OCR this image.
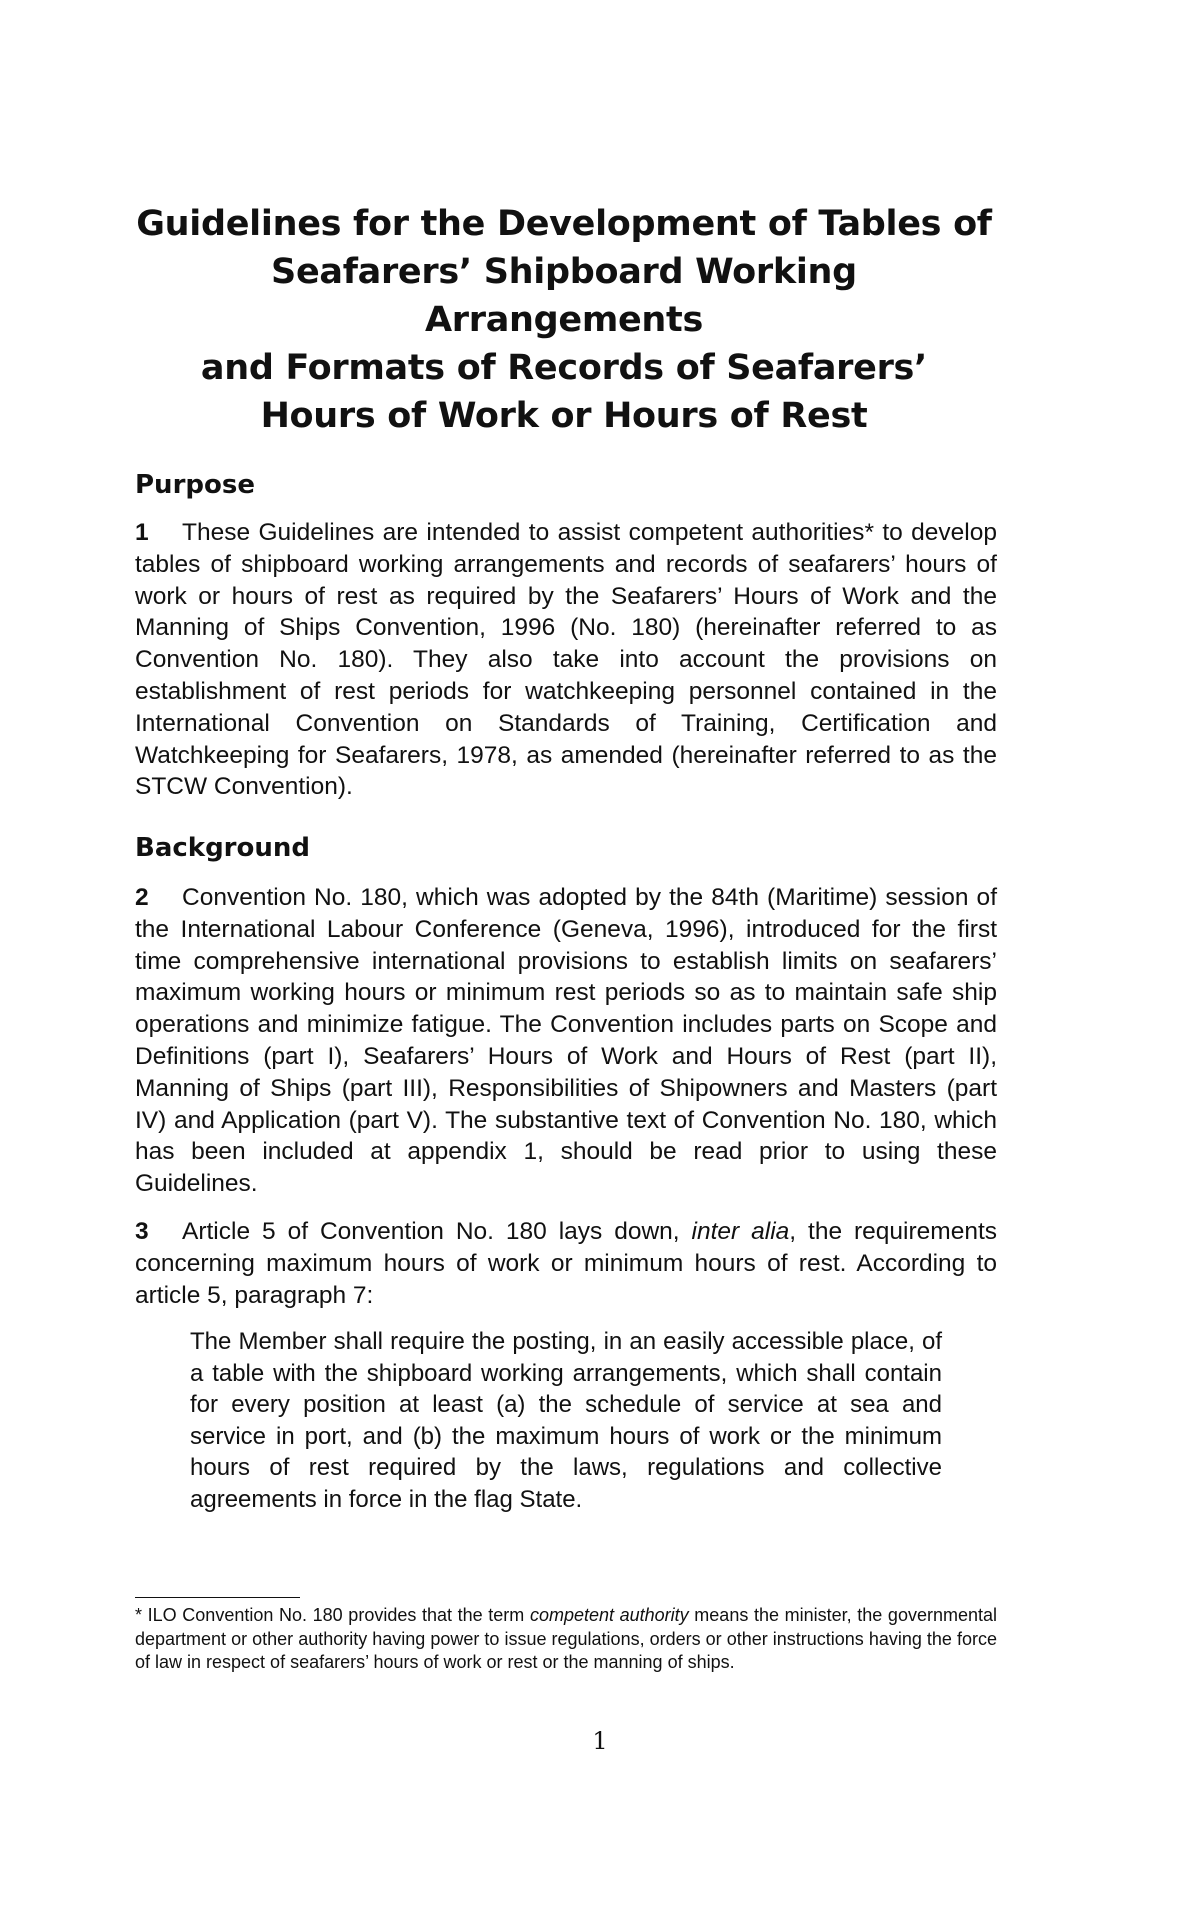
Guidelines for the Development of Tables of
Seafarers’ Shipboard Working Arrangements
and Formats of Records of Seafarers’
Hours of Work or Hours of Rest
Purpose

1 These Guidelines are intended to assist competent authorities* to develop tables of shipboard working arrangements and records of seafarers’ hours of work or hours of rest as required by the Seafarers’ Hours of Work and the Manning of Ships Convention, 1996 (No. 180) (hereinafter referred to as Convention No. 180). They also take into account the provisions on establishment of rest periods for watchkeeping personnel contained in the International Convention on Standards of Training, Certification and Watchkeeping for Seafarers, 1978, as amended (hereinafter referred to as the STCW Convention).

Background

2 Convention No. 180, which was adopted by the 84th (Maritime) session of the International Labour Conference (Geneva, 1996), introduced for the first time comprehensive international provisions to establish limits on seafarers’ maximum working hours or minimum rest periods so as to maintain safe ship operations and minimize fatigue. The Convention includes parts on Scope and Definitions (part I), Seafarers’ Hours of Work and Hours of Rest (part II), Manning of Ships (part III), Responsibilities of Shipowners and Masters (part IV) and Application (part V). The substantive text of Convention No. 180, which has been included at appendix 1, should be read prior to using these Guidelines.

3 Article 5 of Convention No. 180 lays down, inter alia, the requirements concerning maximum hours of work or minimum hours of rest. According to article 5, paragraph 7:

The Member shall require the posting, in an easily accessible place, of a table with the shipboard working arrangements, which shall contain for every position at least (a) the schedule of service at sea and service in port, and (b) the maximum hours of work or the minimum hours of rest required by the laws, regulations and collective agreements in force in the flag State.

* ILO Convention No. 180 provides that the term competent authority means the minister, the governmental department or other authority having power to issue regulations, orders or other instructions having the force of law in respect of seafarers’ hours of work or rest or the manning of ships.

1
